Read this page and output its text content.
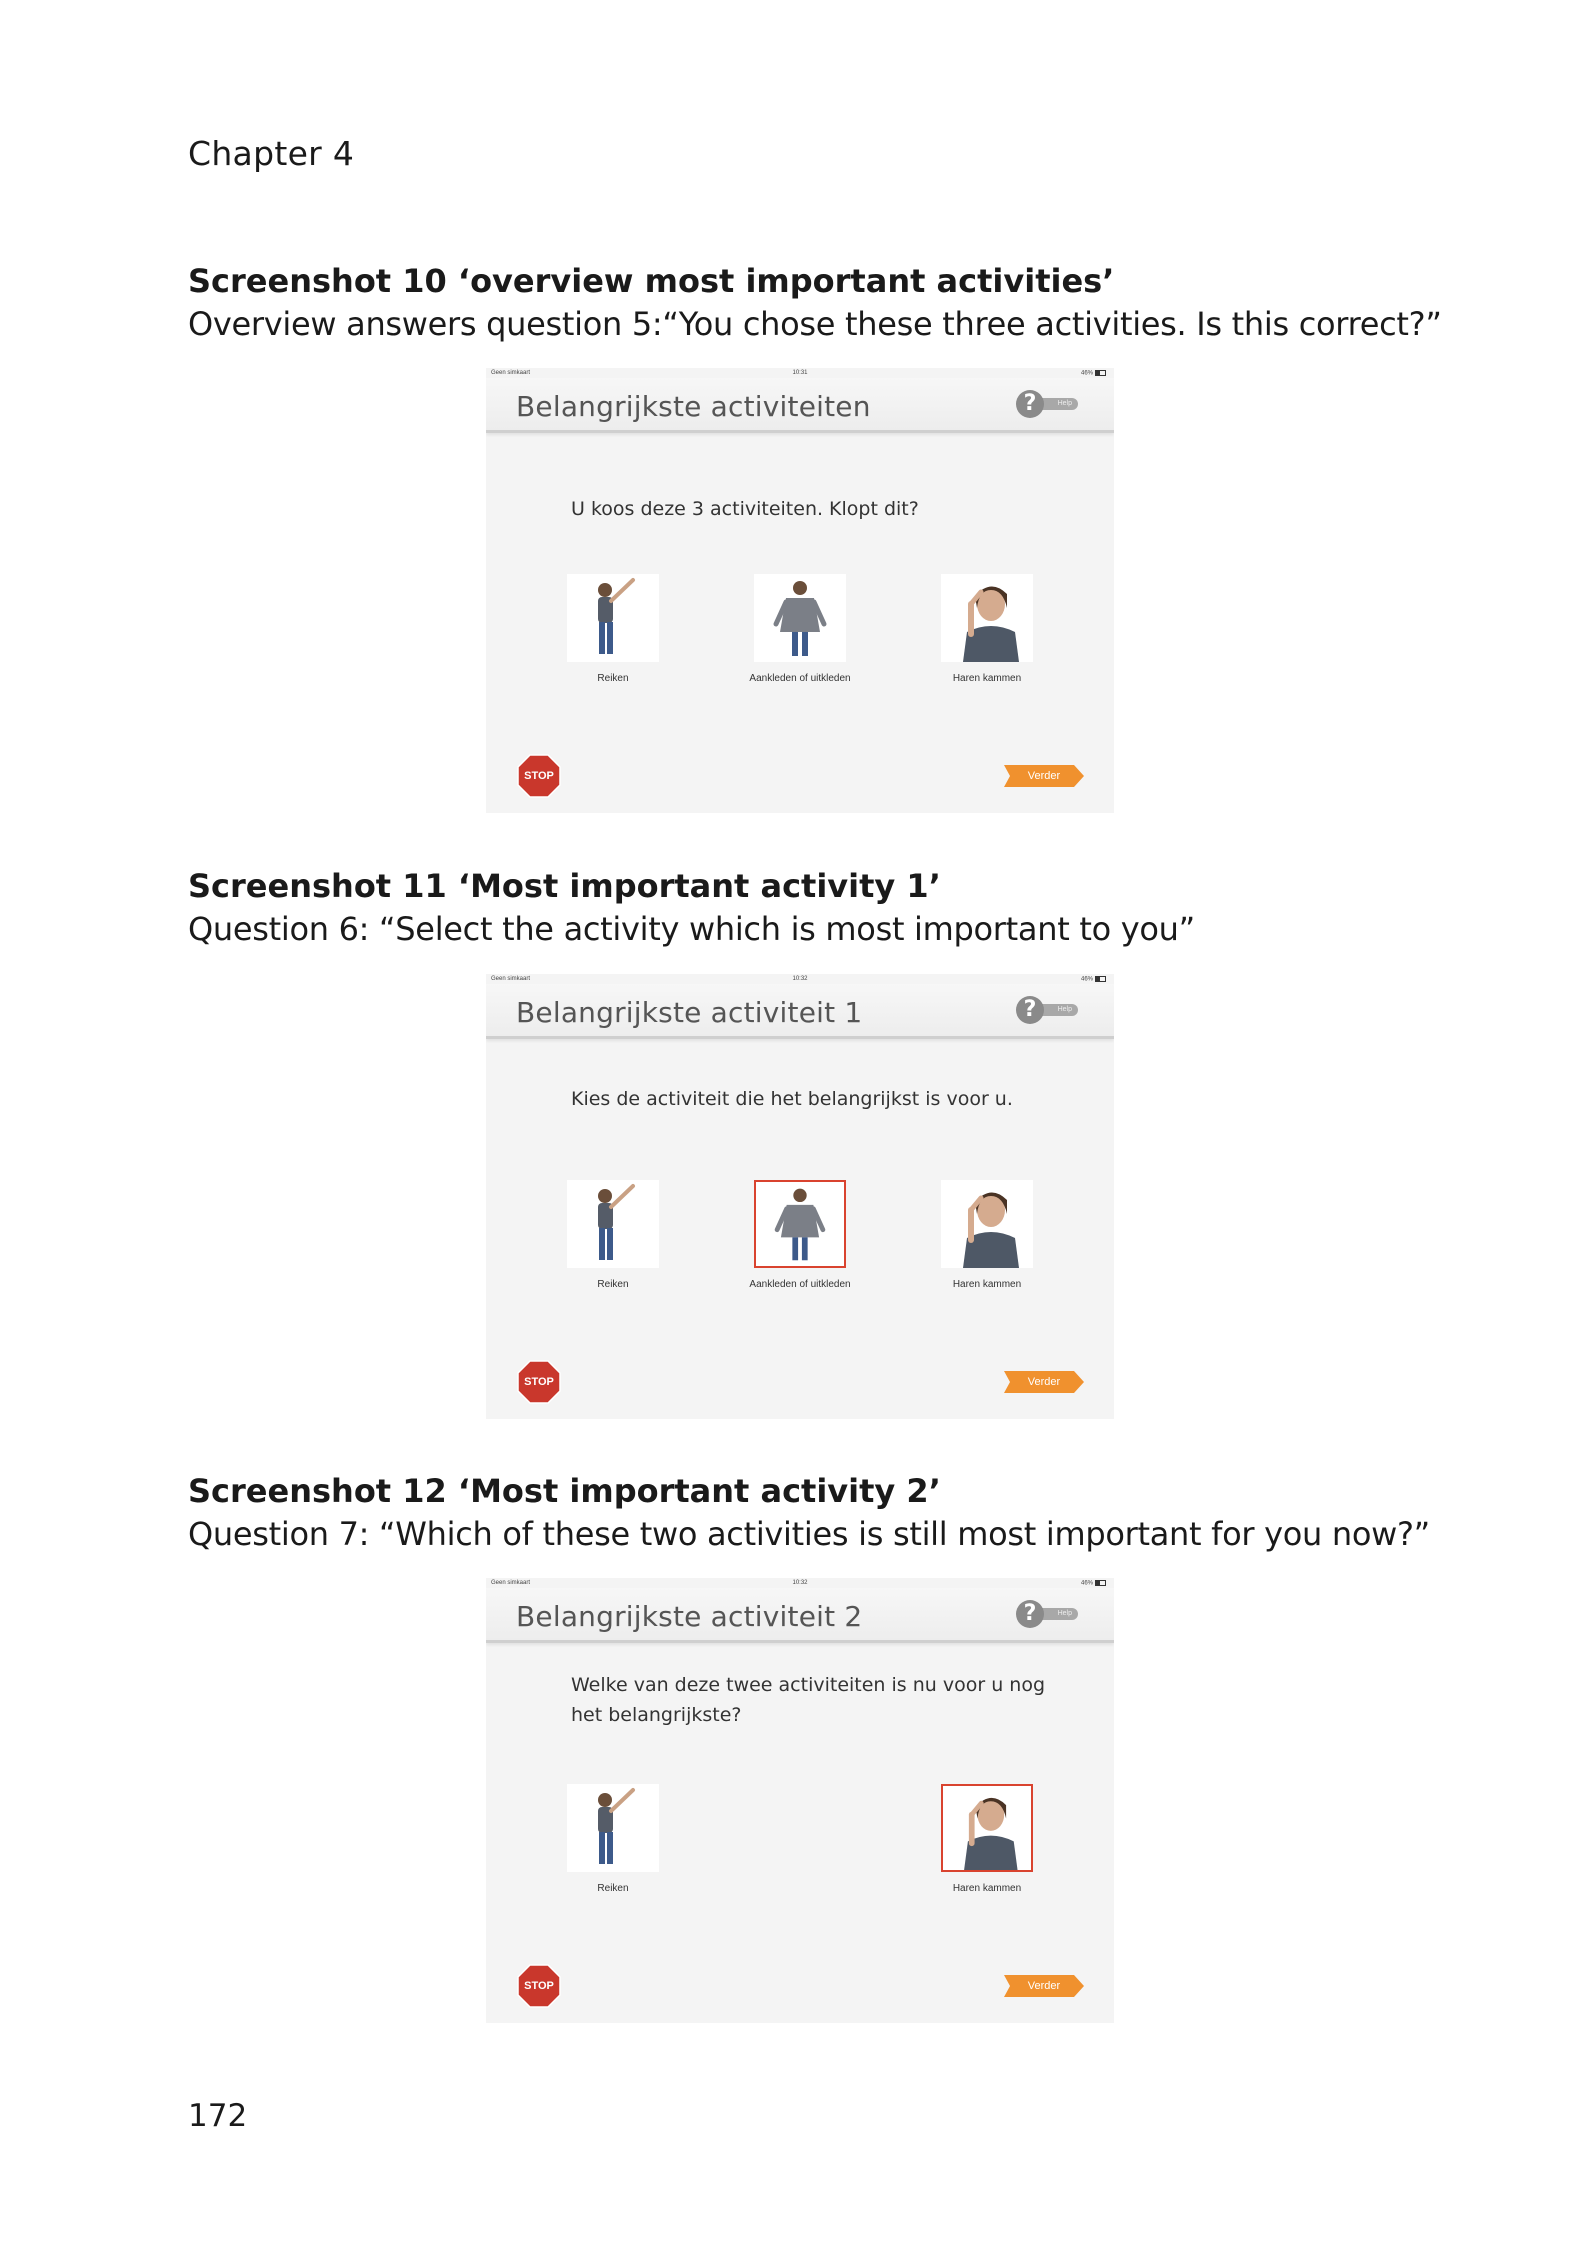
Chapter 4
Screenshot 10 ‘overview most important activities’
Overview answers question 5:“You chose these three activities. Is this correct?”
Geen simkaart	10:31	46%
Belangrijkste activiteiten	Help
?
U koos deze 3 activiteiten. Klopt dit?
Reiken	Aankleden of uitkleden	Haren kammen
STOP	Verder
Screenshot 11 ‘Most important activity 1’
Question 6: “Select the activity which is most important to you”
Geen simkaart	10:32	46%
Belangrijkste activiteit 1	Help
?
Kies de activiteit die het belangrijkst is voor u.
Reiken	Aankleden of uitkleden	Haren kammen
STOP	Verder
Screenshot 12 ‘Most important activity 2’
Question 7: “Which of these two activities is still most important for you now?”
Geen simkaart	10:32	46%
Belangrijkste activiteit 2	Help
?
Welke van deze twee activiteiten is nu voor u nog het belangrijkste?
Reiken	Haren kammen
STOP	Verder
172
